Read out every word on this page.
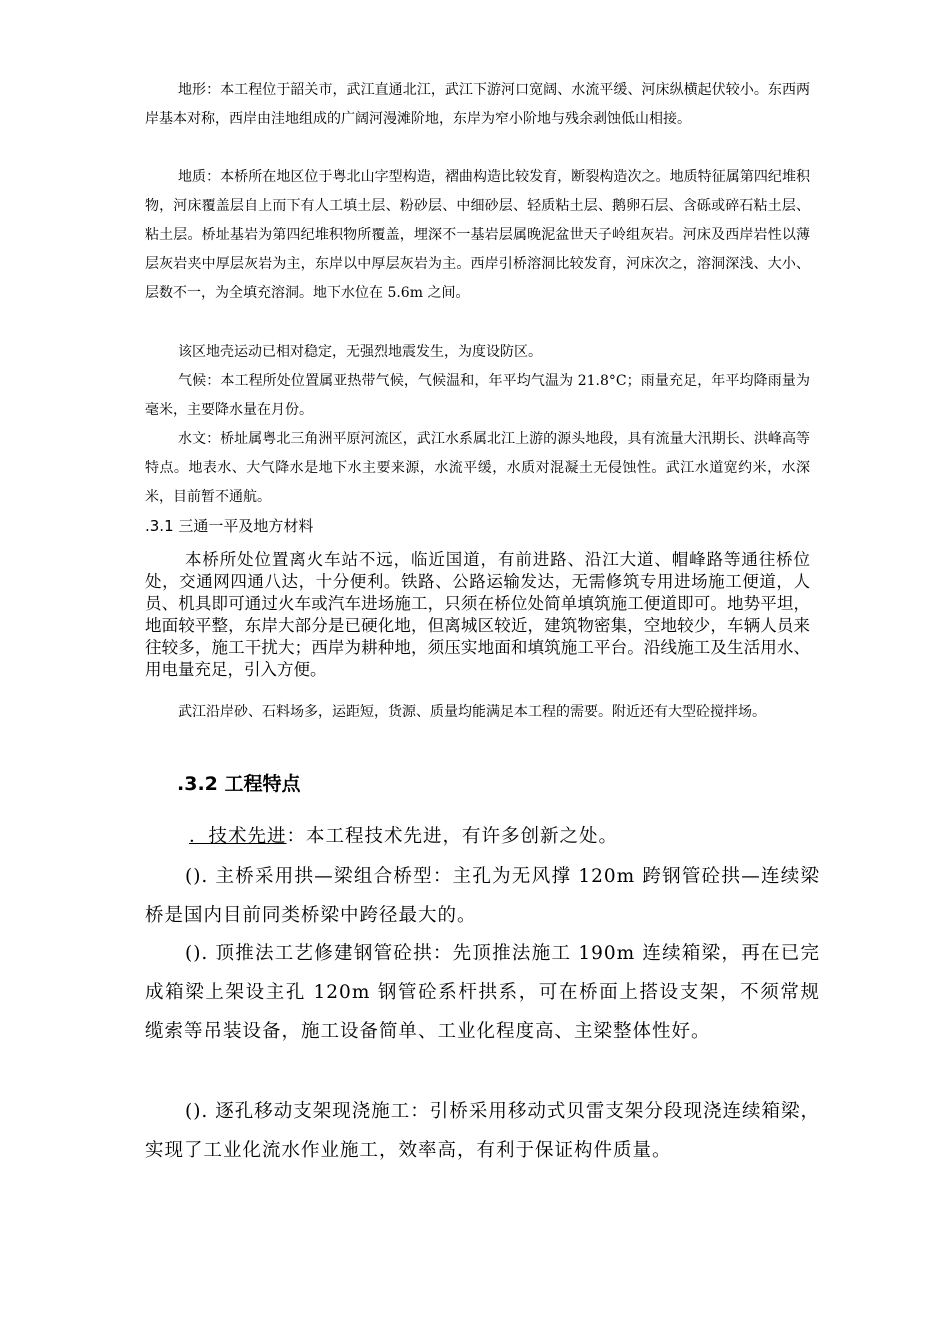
地形：本工程位于韶关市，武江直通北江，武江下游河口宽阔、水流平缓、河床纵横起伏较小。东西两岸基本对称，西岸由洼地组成的广阔河漫滩阶地，东岸为窄小阶地与残余剥蚀低山相接。

地质：本桥所在地区位于粤北山字型构造，褶曲构造比较发育，断裂构造次之。地质特征属第四纪堆积物，河床覆盖层自上而下有人工填土层、粉砂层、中细砂层、轻质粘土层、鹅卵石层、含砾或碎石粘土层、粘土层。桥址基岩为第四纪堆积物所覆盖，埋深不一基岩层属晚泥盆世天子岭组灰岩。河床及西岸岩性以薄层灰岩夹中厚层灰岩为主，东岸以中厚层灰岩为主。西岸引桥溶洞比较发育，河床次之，溶洞深浅、大小、层数不一，为全填充溶洞。地下水位在 5.6m 之间。

该区地壳运动已相对稳定，无强烈地震发生，为度设防区。

气候：本工程所处位置属亚热带气候，气候温和，年平均气温为 21.8°C；雨量充足，年平均降雨量为毫米，主要降水量在月份。

水文：桥址属粤北三角洲平原河流区，武江水系属北江上游的源头地段，具有流量大汛期长、洪峰高等特点。地表水、大气降水是地下水主要来源，水流平缓，水质对混凝土无侵蚀性。武江水道宽约米，水深米，目前暂不通航。

.3.1 三通一平及地方材料

本桥所处位置离火车站不远，临近国道，有前进路、沿江大道、帽峰路等通往桥位处，交通网四通八达，十分便利。铁路、公路运输发达，无需修筑专用进场施工便道，人员、机具即可通过火车或汽车进场施工，只须在桥位处简单填筑施工便道即可。地势平坦，地面较平整，东岸大部分是已硬化地，但离城区较近，建筑物密集，空地较少，车辆人员来往较多，施工干扰大；西岸为耕种地，须压实地面和填筑施工平台。沿线施工及生活用水、用电量充足，引入方便。

武江沿岸砂、石料场多，运距短，货源、质量均能满足本工程的需要。附近还有大型砼搅拌场。

.3.2 工程特点

．技术先进：本工程技术先进，有许多创新之处。

(). 主桥采用拱—梁组合桥型：主孔为无风撑 120m 跨钢管砼拱—连续梁桥是国内目前同类桥梁中跨径最大的。

(). 顶推法工艺修建钢管砼拱：先顶推法施工 190m 连续箱梁，再在已完成箱梁上架设主孔 120m 钢管砼系杆拱系，可在桥面上搭设支架，不须常规缆索等吊装设备，施工设备简单、工业化程度高、主梁整体性好。

(). 逐孔移动支架现浇施工：引桥采用移动式贝雷支架分段现浇连续箱梁，实现了工业化流水作业施工，效率高，有利于保证构件质量。
